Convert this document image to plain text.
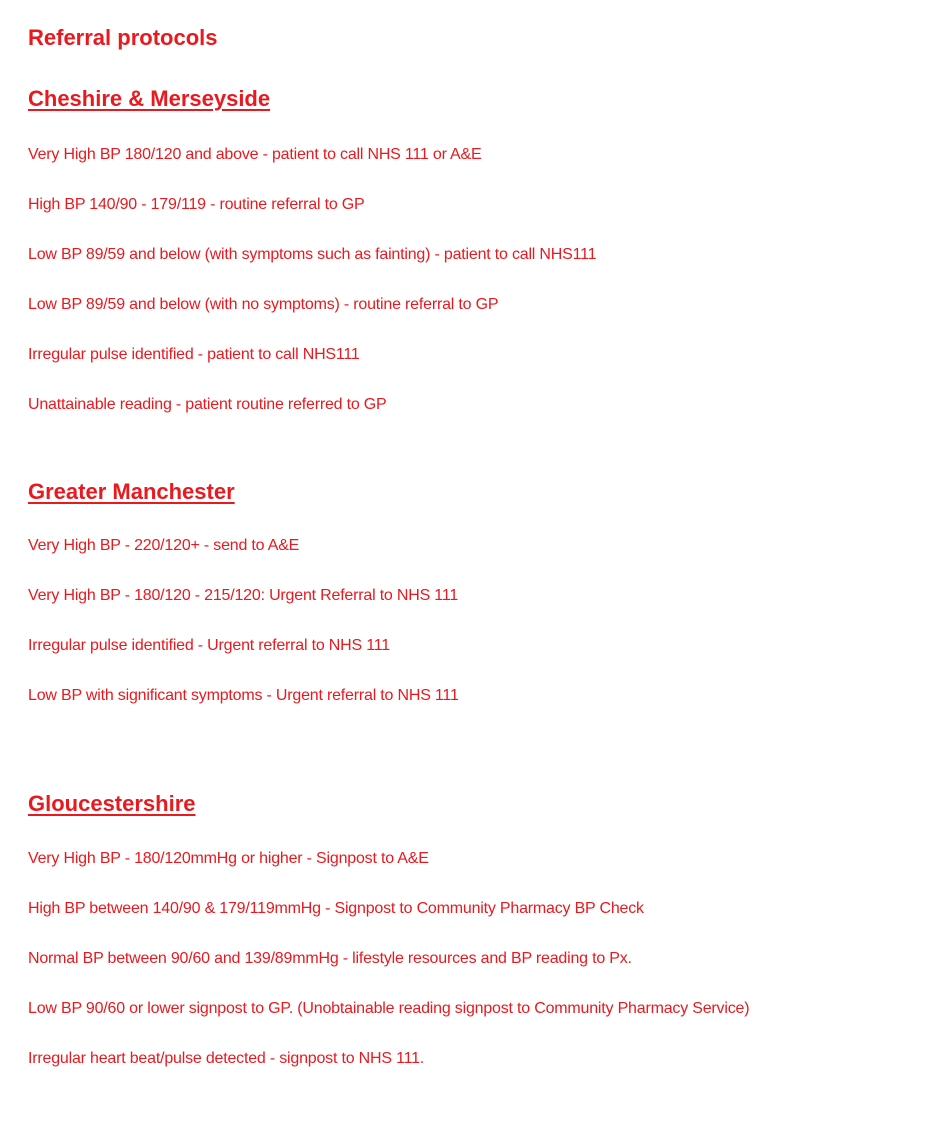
Referral protocols
Cheshire & Merseyside
Very High BP 180/120 and above - patient to call NHS 111 or A&E
High BP 140/90 - 179/119 - routine referral to GP
Low BP 89/59 and below (with symptoms such as fainting) - patient to call NHS111
Low BP 89/59 and below (with no symptoms) - routine referral to GP
Irregular pulse identified - patient to call NHS111
Unattainable reading - patient routine referred to GP
Greater Manchester
Very High BP - 220/120+ - send to A&E
Very High BP - 180/120 - 215/120: Urgent Referral to NHS 111
Irregular pulse identified - Urgent referral to NHS 111
Low BP with significant symptoms - Urgent referral to NHS 111
Gloucestershire
Very High BP - 180/120mmHg or higher - Signpost to A&E
High BP between 140/90 & 179/119mmHg - Signpost to Community Pharmacy BP Check
Normal BP between 90/60 and 139/89mmHg - lifestyle resources and BP reading to Px.
Low BP 90/60 or lower signpost to GP. (Unobtainable reading signpost to Community Pharmacy Service)
Irregular heart beat/pulse detected - signpost to NHS 111.
